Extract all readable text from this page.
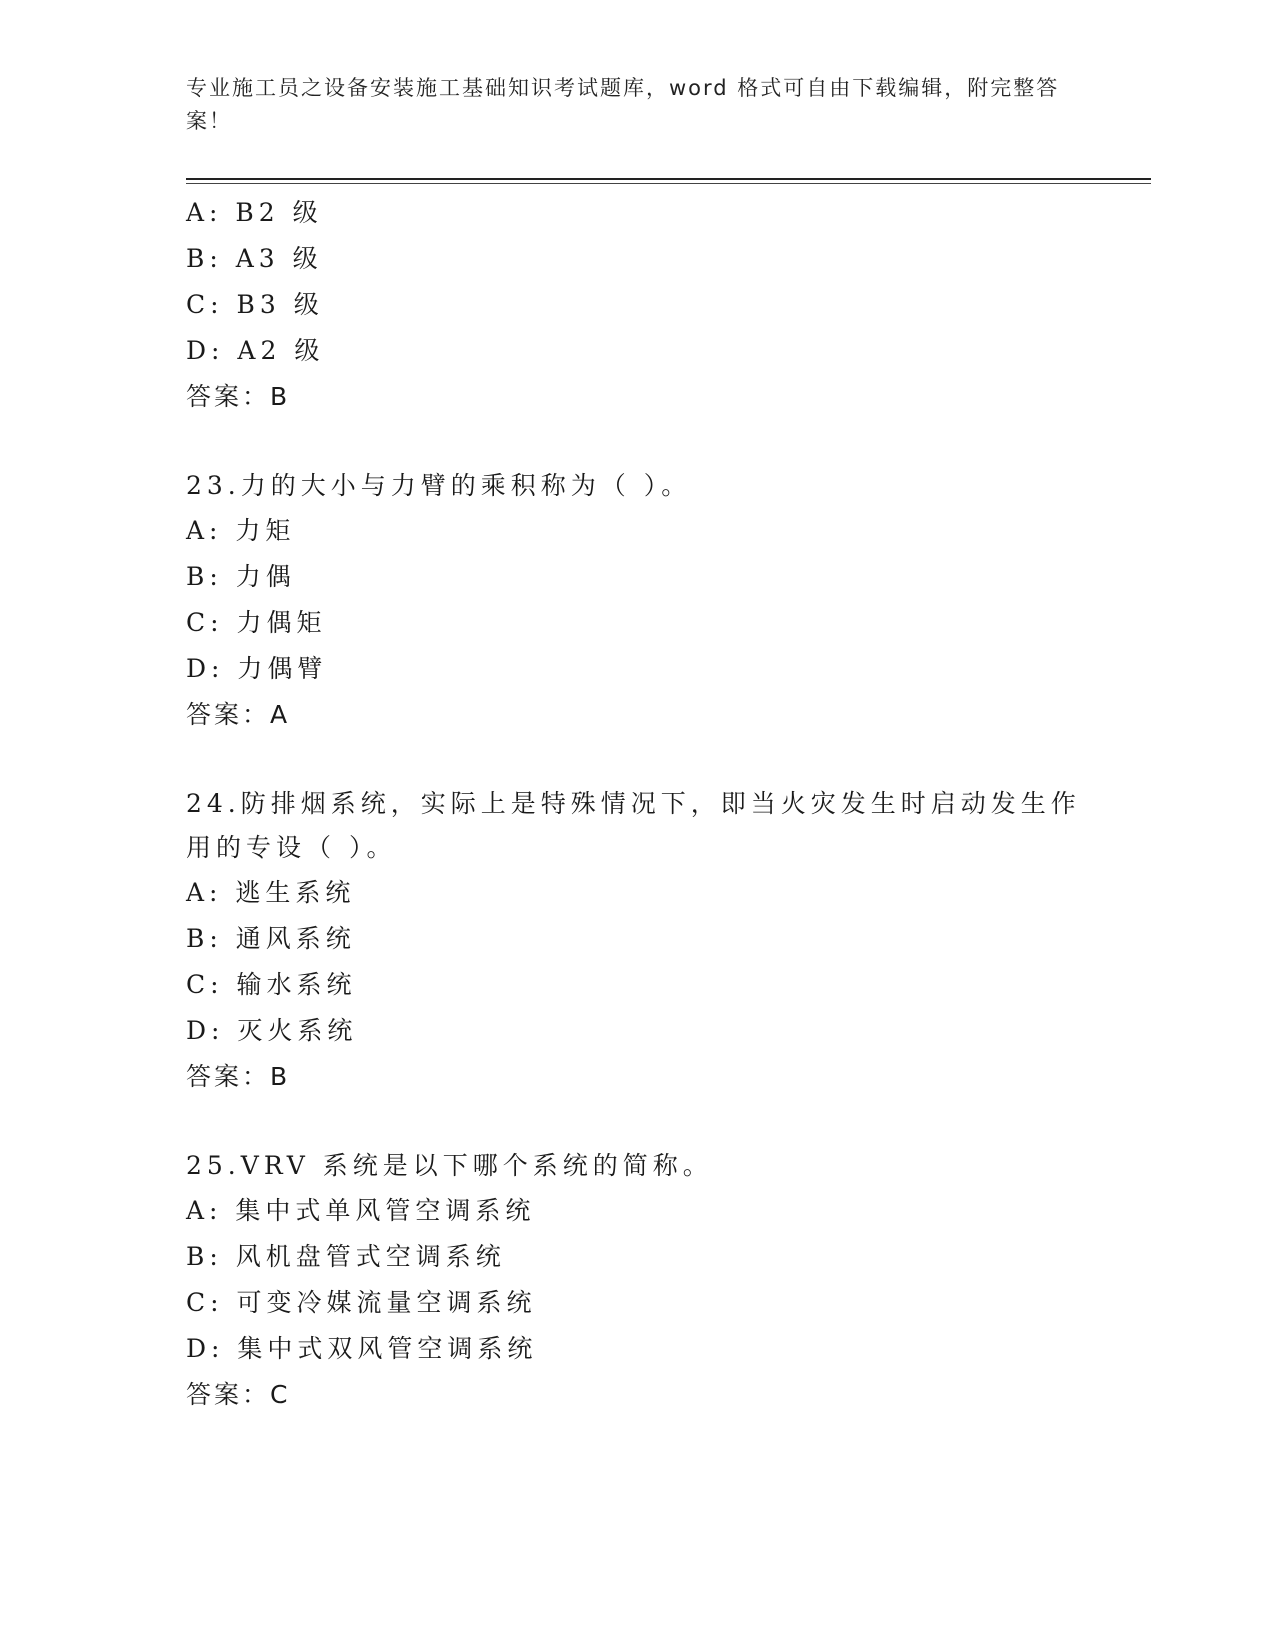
专业施工员之设备安装施工基础知识考试题库，word 格式可自由下载编辑，附完整答案！
A: B2 级
B: A3 级
C: B3 级
D: A2 级
答案：B
23.力的大小与力臂的乘积称为（ ）。
A: 力矩
B: 力偶
C: 力偶矩
D: 力偶臂
答案：A
24.防排烟系统，实际上是特殊情况下，即当火灾发生时启动发生作用的专设（ ）。
A: 逃生系统
B: 通风系统
C: 输水系统
D: 灭火系统
答案：B
25.VRV 系统是以下哪个系统的简称。
A: 集中式单风管空调系统
B: 风机盘管式空调系统
C: 可变冷媒流量空调系统
D: 集中式双风管空调系统
答案：C
